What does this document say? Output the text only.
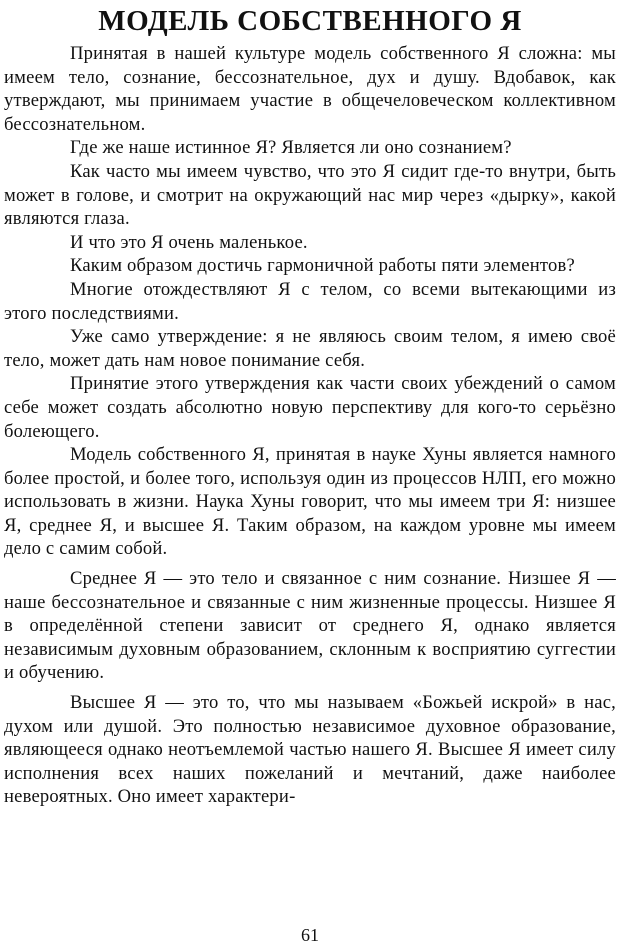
МОДЕЛЬ СОБСТВЕННОГО Я

Принятая в нашей культуре модель собственного Я сложна: мы имеем тело, сознание, бессознательное, дух и душу. Вдобавок, как утверждают, мы принимаем участие в общечеловеческом коллективном бессознательном.

Где же наше истинное Я? Является ли оно сознанием?

Как часто мы имеем чувство, что это Я сидит где-то внутри, быть может в голове, и смотрит на окружающий нас мир через «дырку», какой являются глаза.

И что это Я очень маленькое.

Каким образом достичь гармоничной работы пяти элементов?

Многие отождествляют Я с телом, со всеми вытекающими из этого последствиями.

Уже само утверждение: я не являюсь своим телом, я имею своё тело, может дать нам новое понимание себя.

Принятие этого утверждения как части своих убеждений о самом себе может создать абсолютно новую перспективу для кого-то серьёзно болеющего.

Модель собственного Я, принятая в науке Хуны является намного более простой, и более того, используя один из процессов НЛП, его можно использовать в жизни. Наука Хуны говорит, что мы имеем три Я: низшее Я, среднее Я, и высшее Я. Таким образом, на каждом уровне мы имеем дело с самим собой.

Среднее Я — это тело и связанное с ним сознание. Низшее Я — наше бессознательное и связанные с ним жизненные процессы. Низшее Я в определённой степени зависит от среднего Я, однако является независимым духовным образованием, склонным к восприятию суггестии и обучению.

Высшее Я — это то, что мы называем «Божьей искрой» в нас, духом или душой. Это полностью независимое духовное образование, являющееся однако неотъемлемой частью нашего Я. Высшее Я имеет силу исполнения всех наших пожеланий и мечтаний, даже наиболее невероятных. Оно имеет характери-

61
